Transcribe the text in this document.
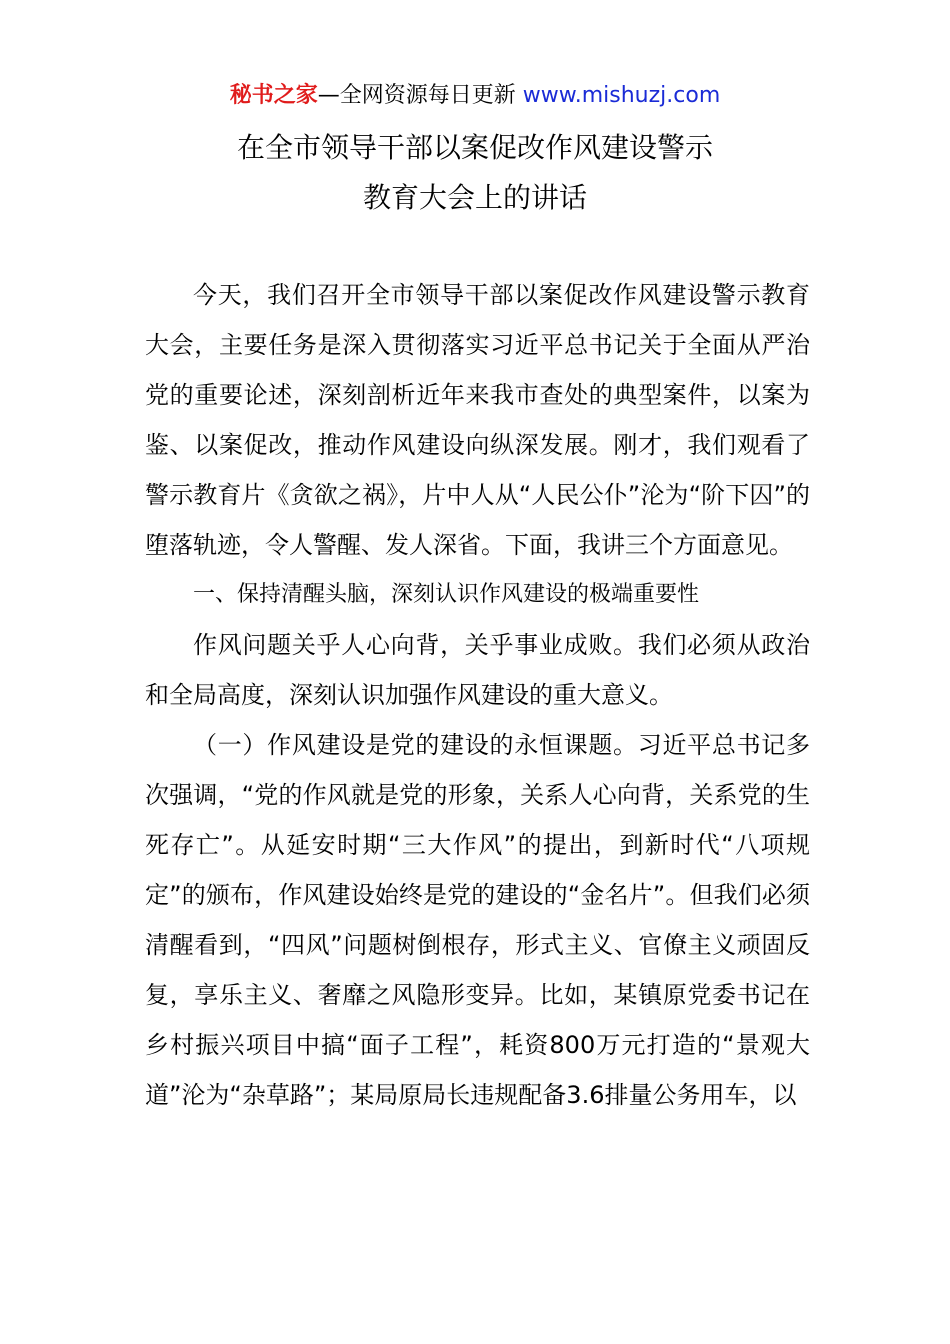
秘书之家—全网资源每日更新 www.mishuzj.com
在全市领导干部以案促改作风建设警示
教育大会上的讲话

今天，我们召开全市领导干部以案促改作风建设警示教育大会，主要任务是深入贯彻落实习近平总书记关于全面从严治党的重要论述，深刻剖析近年来我市查处的典型案件，以案为鉴、以案促改，推动作风建设向纵深发展。刚才，我们观看了警示教育片《贪欲之祸》，片中人从“人民公仆”沦为“阶下囚”的堕落轨迹，令人警醒、发人深省。下面，我讲三个方面意见。

一、保持清醒头脑，深刻认识作风建设的极端重要性

作风问题关乎人心向背，关乎事业成败。我们必须从政治和全局高度，深刻认识加强作风建设的重大意义。

（一）作风建设是党的建设的永恒课题。习近平总书记多次强调，“党的作风就是党的形象，关系人心向背，关系党的生死存亡”。从延安时期“三大作风”的提出，到新时代“八项规定”的颁布，作风建设始终是党的建设的“金名片”。但我们必须清醒看到，“四风”问题树倒根存，形式主义、官僚主义顽固反复，享乐主义、奢靡之风隐形变异。比如，某镇原党委书记在乡村振兴项目中搞“面子工程”，耗资800万元打造的“景观大道”沦为“杂草路”；某局原局长违规配备3.6排量公务用车，以
